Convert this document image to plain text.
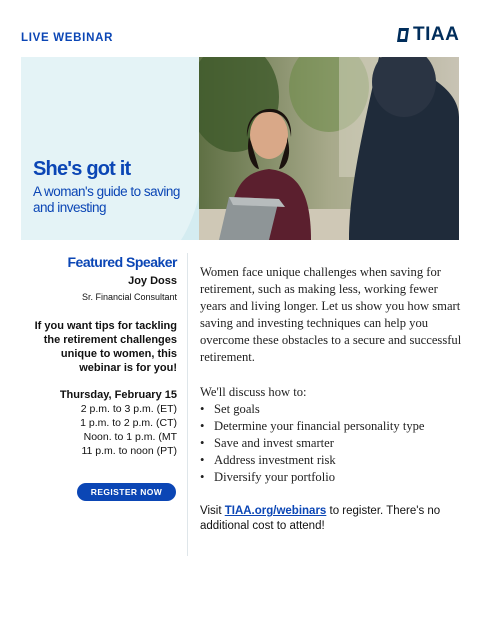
LIVE WEBINAR	TIAA
She's got it
A woman's guide to saving and investing
Featured Speaker
Joy Doss
Sr. Financial Consultant
If you want tips for tackling the retirement challenges unique to women, this webinar is for you!
Thursday, February 15
2 p.m. to 3 p.m. (ET)
1 p.m. to 2 p.m. (CT)
Noon. to 1 p.m. (MT
11 p.m. to noon (PT)
REGISTER NOW

Women face unique challenges when saving for retirement, such as making less, working fewer years and living longer. Let us show you how smart saving and investing techniques can help you overcome these obstacles to a secure and successful retirement.

We'll discuss how to:
• Set goals
• Determine your financial personality type
• Save and invest smarter
• Address investment risk
• Diversify your portfolio
Visit TIAA.org/webinars to register. There's no additional cost to attend!
